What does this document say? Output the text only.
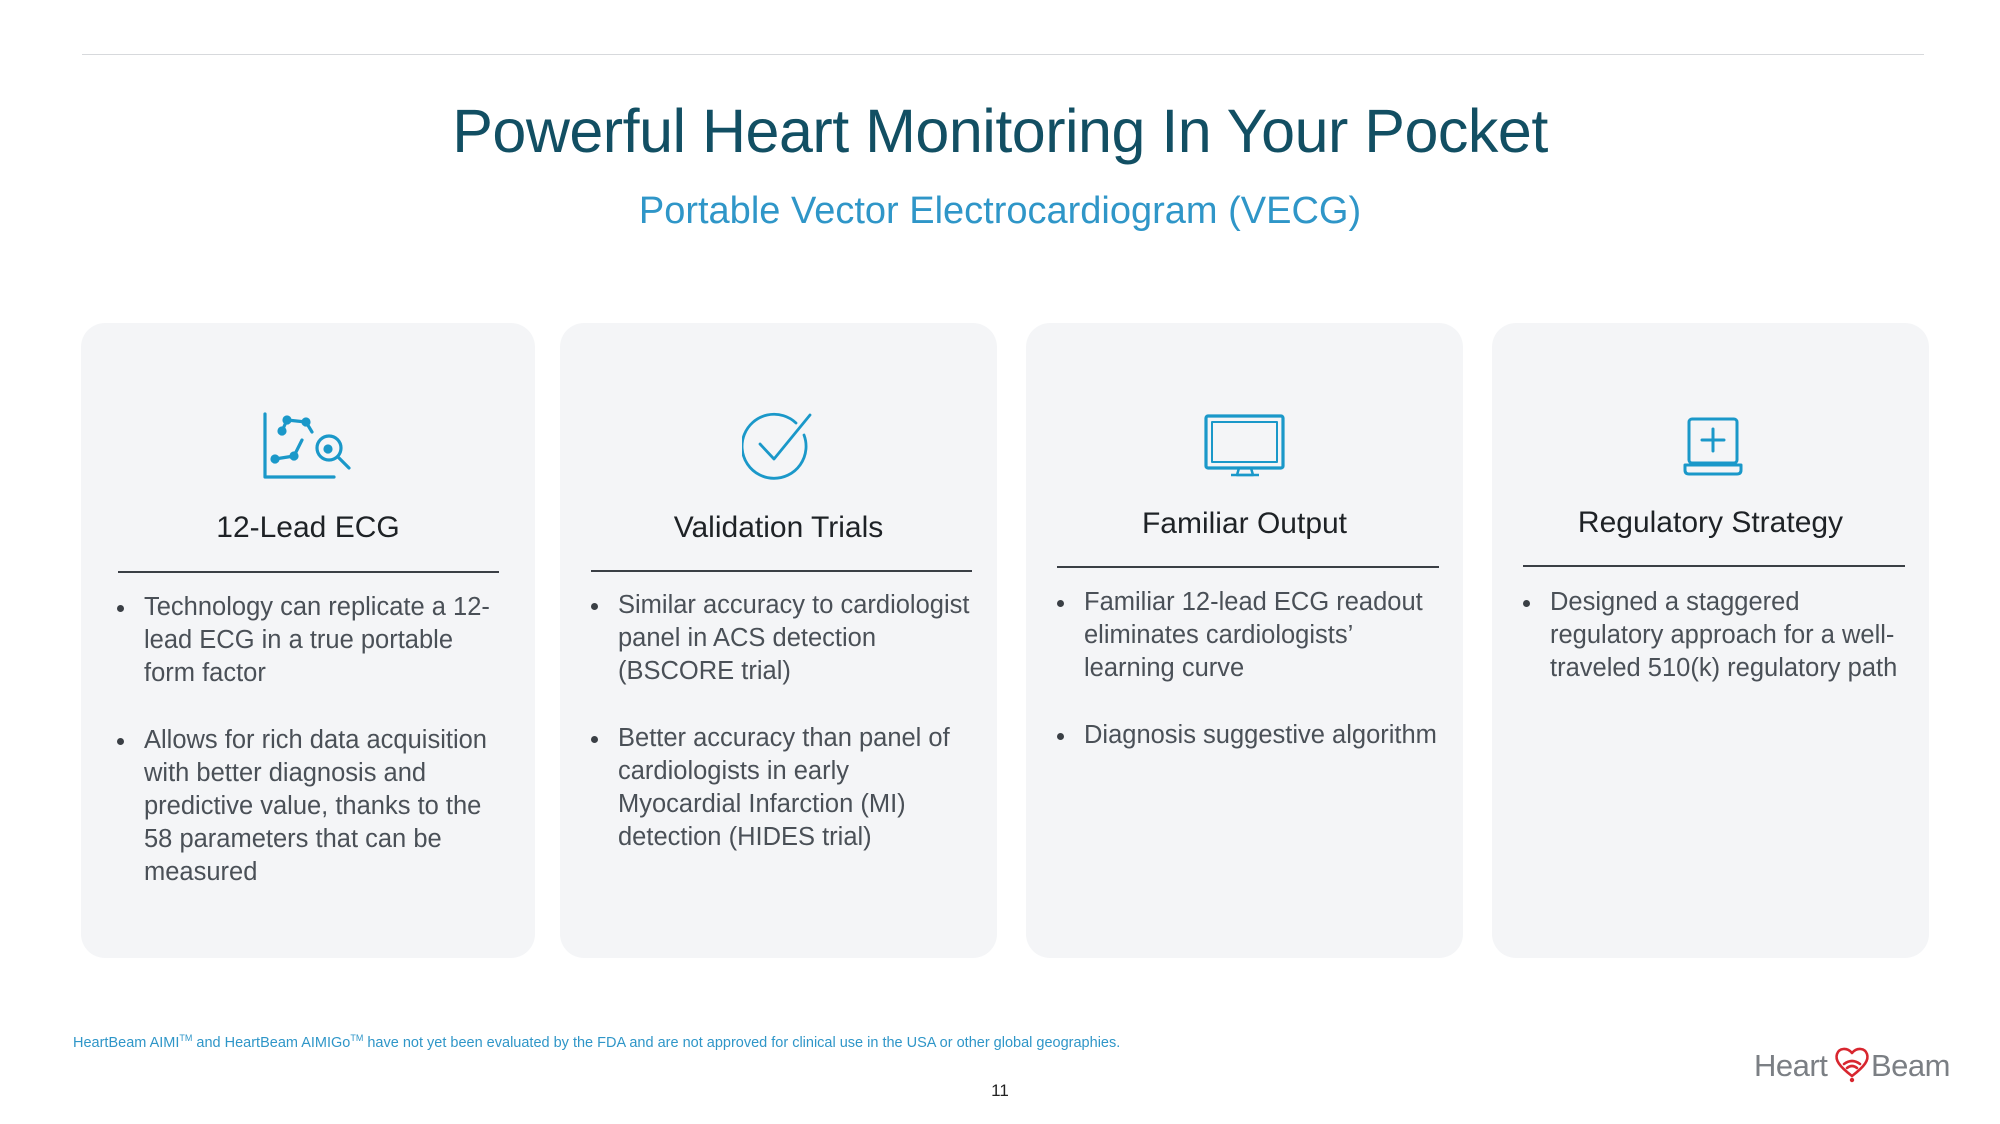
Powerful Heart Monitoring In Your Pocket
Portable Vector Electrocardiogram (VECG)
12-Lead ECG
Technology can replicate a 12-lead ECG in a true portable form factor
Allows for rich data acquisition with better diagnosis and predictive value, thanks to the 58 parameters that can be measured
Validation Trials
Similar accuracy to cardiologist panel in ACS detection (BSCORE trial)
Better accuracy than panel of cardiologists in early Myocardial Infarction (MI) detection (HIDES trial)
Familiar Output
Familiar 12-lead ECG readout eliminates cardiologists’ learning curve
Diagnosis suggestive algorithm
Regulatory Strategy
Designed a staggered regulatory approach for a well-traveled 510(k) regulatory path
HeartBeam AIMI™ and HeartBeam AIMIGo™ have not yet been evaluated by the FDA and are not approved for clinical use in the USA or other global geographies.
11
Heart Beam
